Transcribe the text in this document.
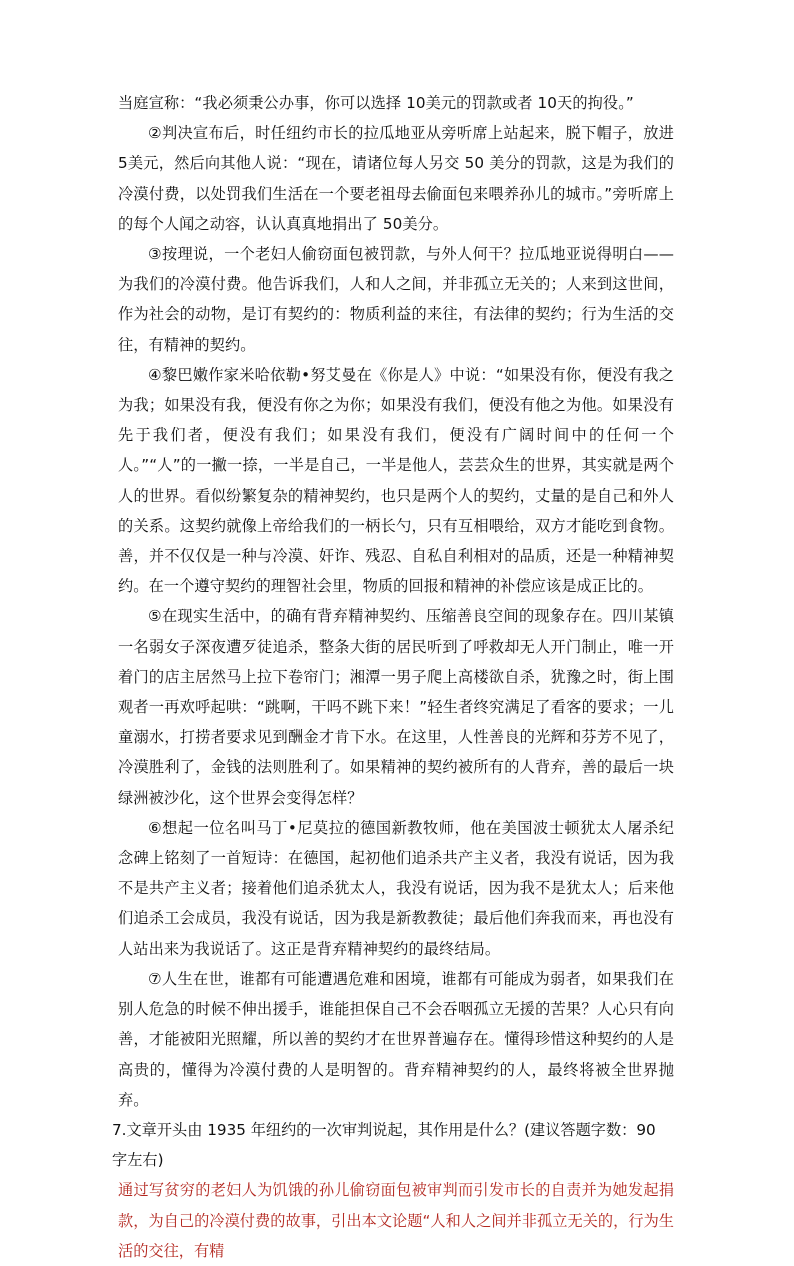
当庭宣称：“我必须秉公办事，你可以选择 10美元的罚款或者 10天的拘役。”

②判决宣布后，时任纽约市长的拉瓜地亚从旁听席上站起来，脱下帽子，放进 5美元，然后向其他人说：“现在，请诸位每人另交 50 美分的罚款，这是为我们的冷漠付费，以处罚我们生活在一个要老祖母去偷面包来喂养孙儿的城市。”旁听席上的每个人闻之动容，认认真真地捐出了 50美分。

③按理说，一个老妇人偷窃面包被罚款，与外人何干？拉瓜地亚说得明白——为我们的冷漠付费。他告诉我们，人和人之间，并非孤立无关的；人来到这世间，作为社会的动物，是订有契约的：物质利益的来往，有法律的契约；行为生活的交往，有精神的契约。

④黎巴嫩作家米哈依勒•努艾曼在《你是人》中说：“如果没有你，便没有我之为我；如果没有我，便没有你之为你；如果没有我们，便没有他之为他。如果没有先于我们者，便没有我们；如果没有我们，便没有广阔时间中的任何一个人。”“人”的一撇一捺，一半是自己，一半是他人，芸芸众生的世界，其实就是两个人的世界。看似纷繁复杂的精神契约，也只是两个人的契约，丈量的是自己和外人的关系。这契约就像上帝给我们的一柄长勺，只有互相喂给，双方才能吃到食物。善，并不仅仅是一种与冷漠、奸诈、残忍、自私自利相对的品质，还是一种精神契约。在一个遵守契约的理智社会里，物质的回报和精神的补偿应该是成正比的。

⑤在现实生活中，的确有背弃精神契约、压缩善良空间的现象存在。四川某镇一名弱女子深夜遭歹徒追杀，整条大街的居民听到了呼救却无人开门制止，唯一开着门的店主居然马上拉下卷帘门；湘潭一男子爬上高楼欲自杀，犹豫之时，街上围观者一再欢呼起哄：“跳啊，干吗不跳下来！”轻生者终究满足了看客的要求；一儿童溺水，打捞者要求见到酬金才肯下水。在这里，人性善良的光辉和芬芳不见了，冷漠胜利了，金钱的法则胜利了。如果精神的契约被所有的人背弃，善的最后一块绿洲被沙化，这个世界会变得怎样？

⑥想起一位名叫马丁•尼莫拉的德国新教牧师，他在美国波士顿犹太人屠杀纪念碑上铭刻了一首短诗：在德国，起初他们追杀共产主义者，我没有说话，因为我不是共产主义者；接着他们追杀犹太人，我没有说话，因为我不是犹太人；后来他们追杀工会成员，我没有说话，因为我是新教教徒；最后他们奔我而来，再也没有人站出来为我说话了。这正是背弃精神契约的最终结局。

⑦人生在世，谁都有可能遭遇危难和困境，谁都有可能成为弱者，如果我们在别人危急的时候不伸出援手，谁能担保自己不会吞咽孤立无援的苦果？人心只有向善，才能被阳光照耀，所以善的契约才在世界普遍存在。懂得珍惜这种契约的人是高贵的，懂得为冷漠付费的人是明智的。背弃精神契约的人，最终将被全世界抛弃。

7.文章开头由 1935 年纽约的一次审判说起，其作用是什么？(建议答题字数：90 字左右)

通过写贫穷的老妇人为饥饿的孙儿偷窃面包被审判而引发市长的自责并为她发起捐款，为自己的冷漠付费的故事，引出本文论题“人和人之间并非孤立无关的，行为生活的交往，有精
